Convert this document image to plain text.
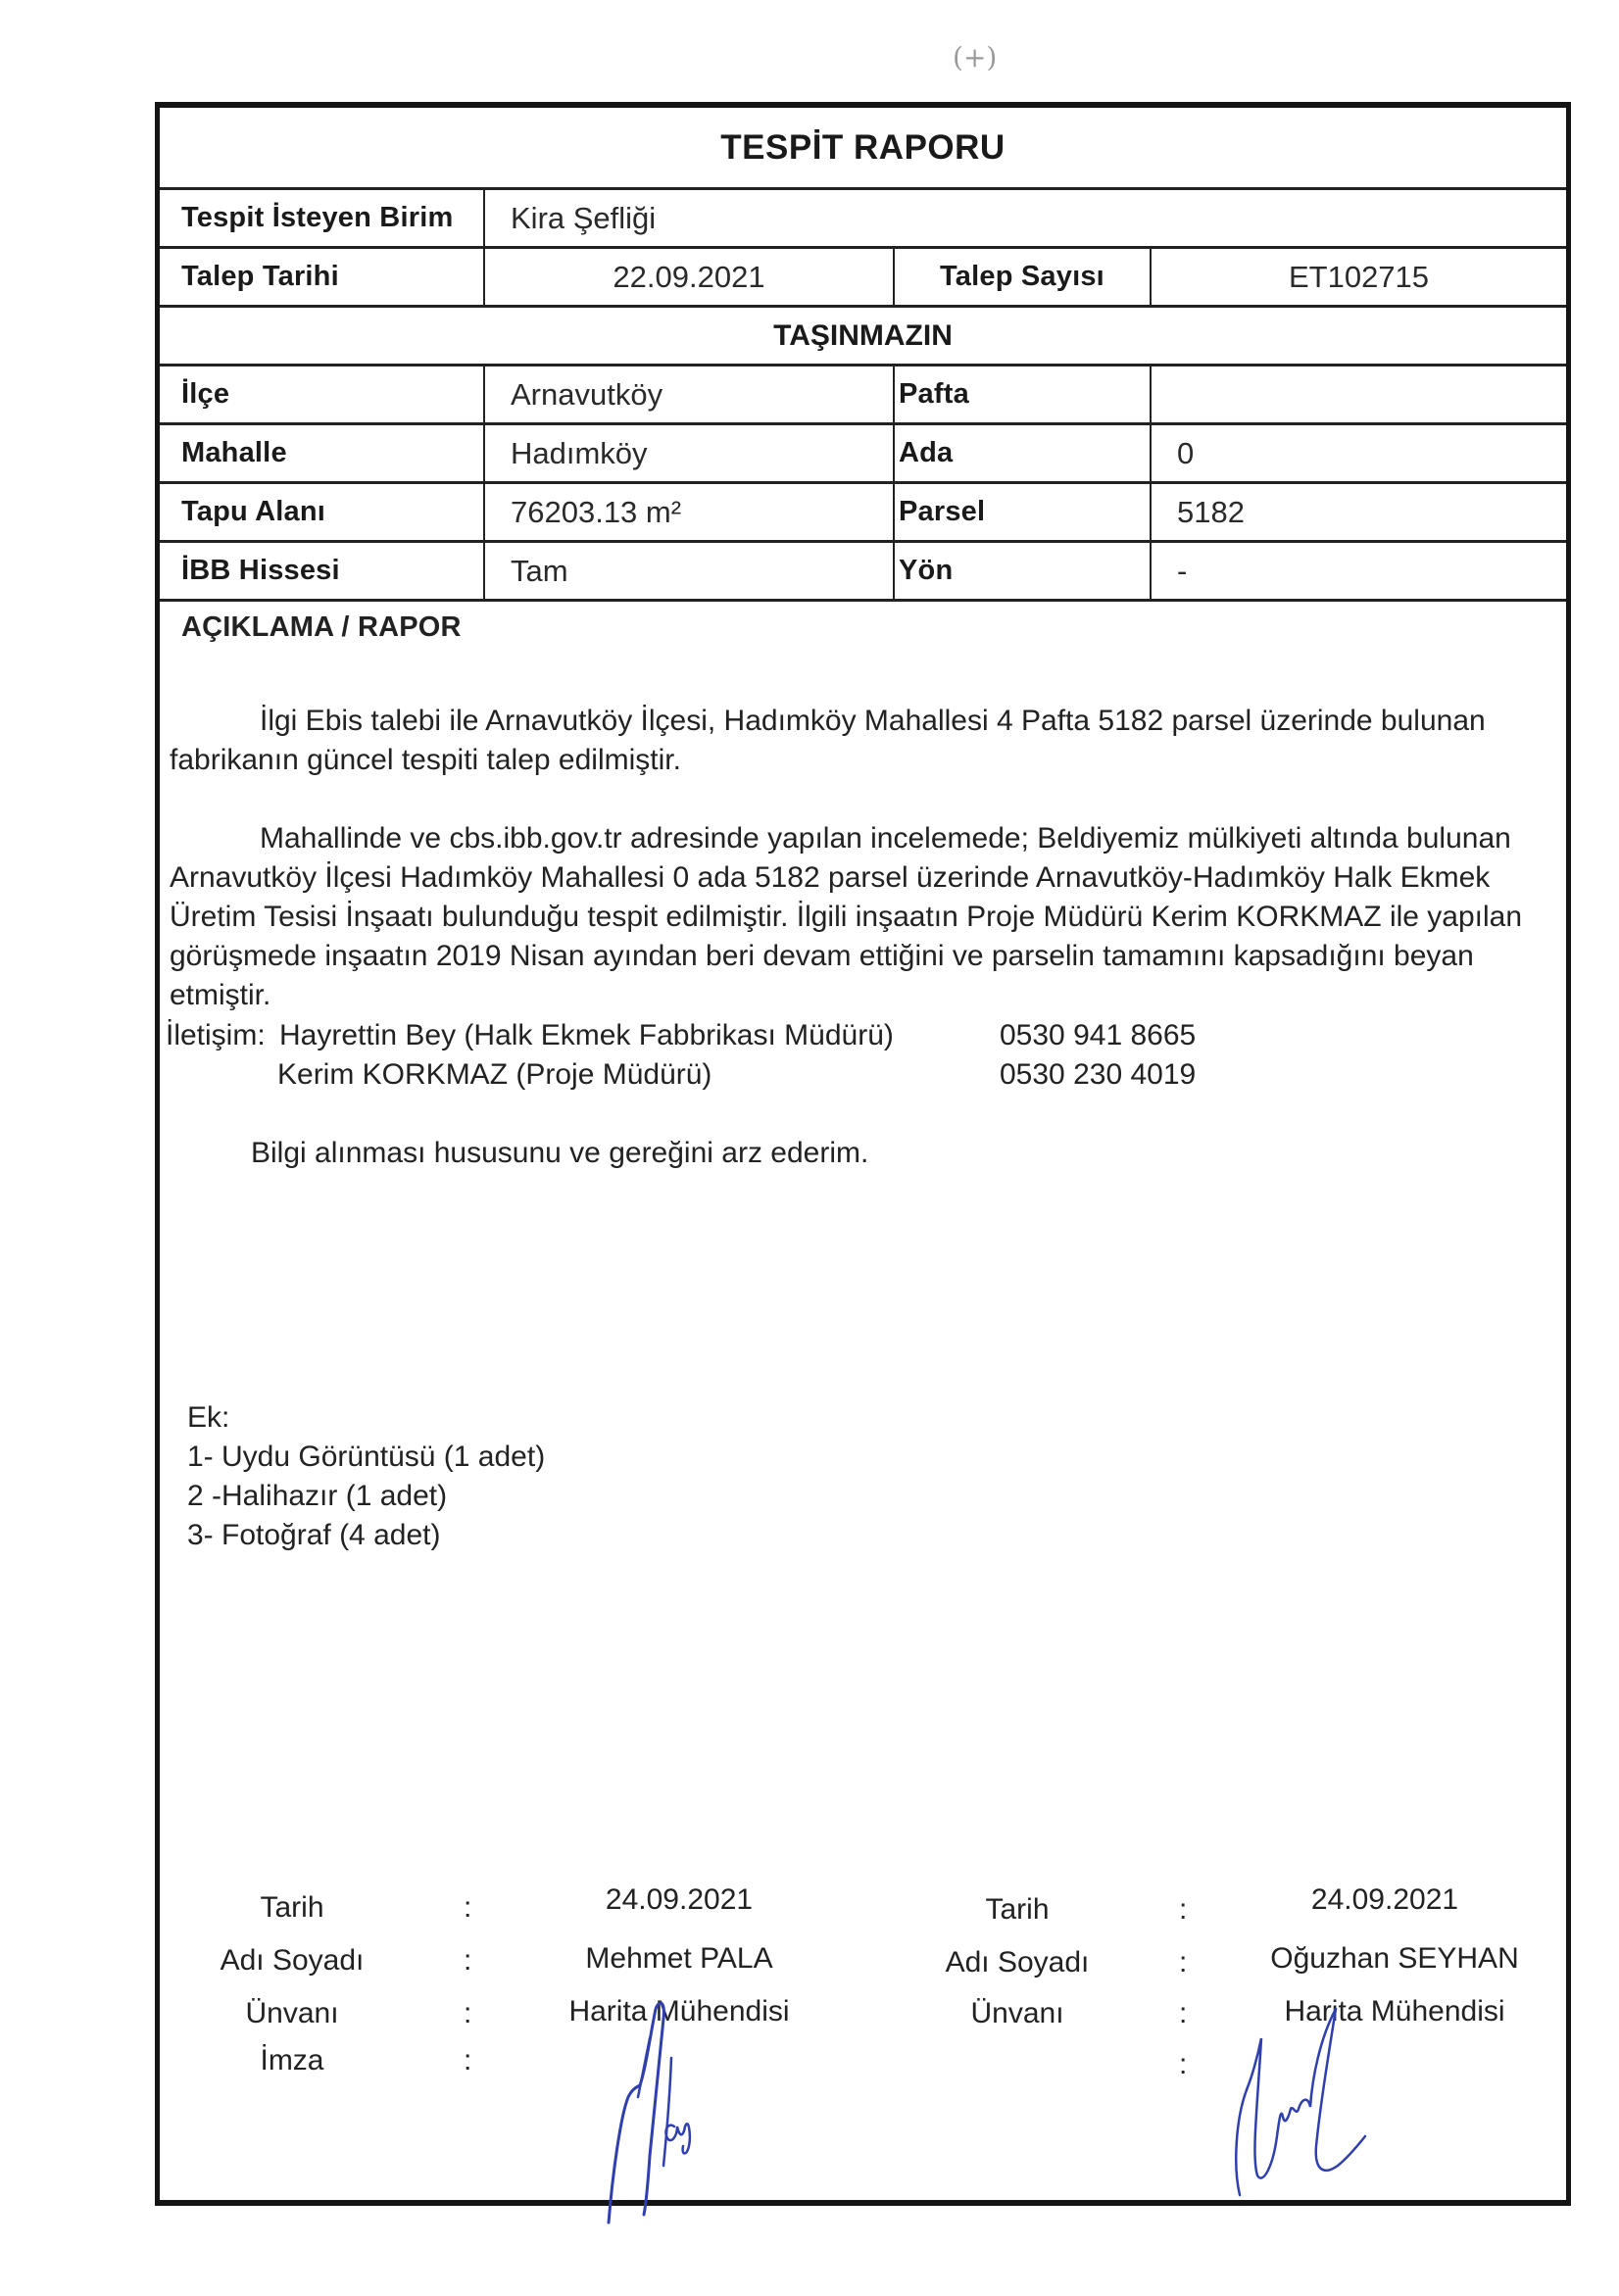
(+)
TESPİT RAPORU
Tespit İsteyen Birim	Kira Şefliği
Talep Tarihi	22.09.2021	Talep Sayısı	ET102715
TAŞINMAZIN
İlçe	Arnavutköy	Pafta
Mahalle	Hadımköy	Ada	0
Tapu Alanı	76203.13 m²	Parsel	5182
İBB Hissesi	Tam	Yön	-
AÇIKLAMA / RAPOR
İlgi Ebis talebi ile Arnavutköy İlçesi, Hadımköy Mahallesi 4 Pafta 5182 parsel üzerinde bulunan fabrikanın güncel tespiti talep edilmiştir.
Mahallinde ve cbs.ibb.gov.tr adresinde yapılan incelemede; Beldiyemiz mülkiyeti altında bulunan Arnavutköy İlçesi Hadımköy Mahallesi 0 ada 5182 parsel üzerinde Arnavutköy-Hadımköy Halk Ekmek Üretim Tesisi İnşaatı bulunduğu tespit edilmiştir. İlgili inşaatın Proje Müdürü Kerim KORKMAZ ile yapılan görüşmede inşaatın 2019 Nisan ayından beri devam ettiğini ve parselin tamamını kapsadığını beyan etmiştir.
İletişim: Hayrettin Bey (Halk Ekmek Fabbrikası Müdürü)	0530 941 8665
Kerim KORKMAZ (Proje Müdürü)	0530 230 4019
Bilgi alınması hususunu ve gereğini arz ederim.
Ek:
1- Uydu Görüntüsü (1 adet)
2 -Halihazır (1 adet)
3- Fotoğraf (4 adet)
Tarih	:	24.09.2021
Adı Soyadı	:	Mehmet PALA
Ünvanı	:	Harita Mühendisi
İmza	:
Tarih	:	24.09.2021
Adı Soyadı	:	Oğuzhan SEYHAN
Ünvanı	:	Harita Mühendisi
:
